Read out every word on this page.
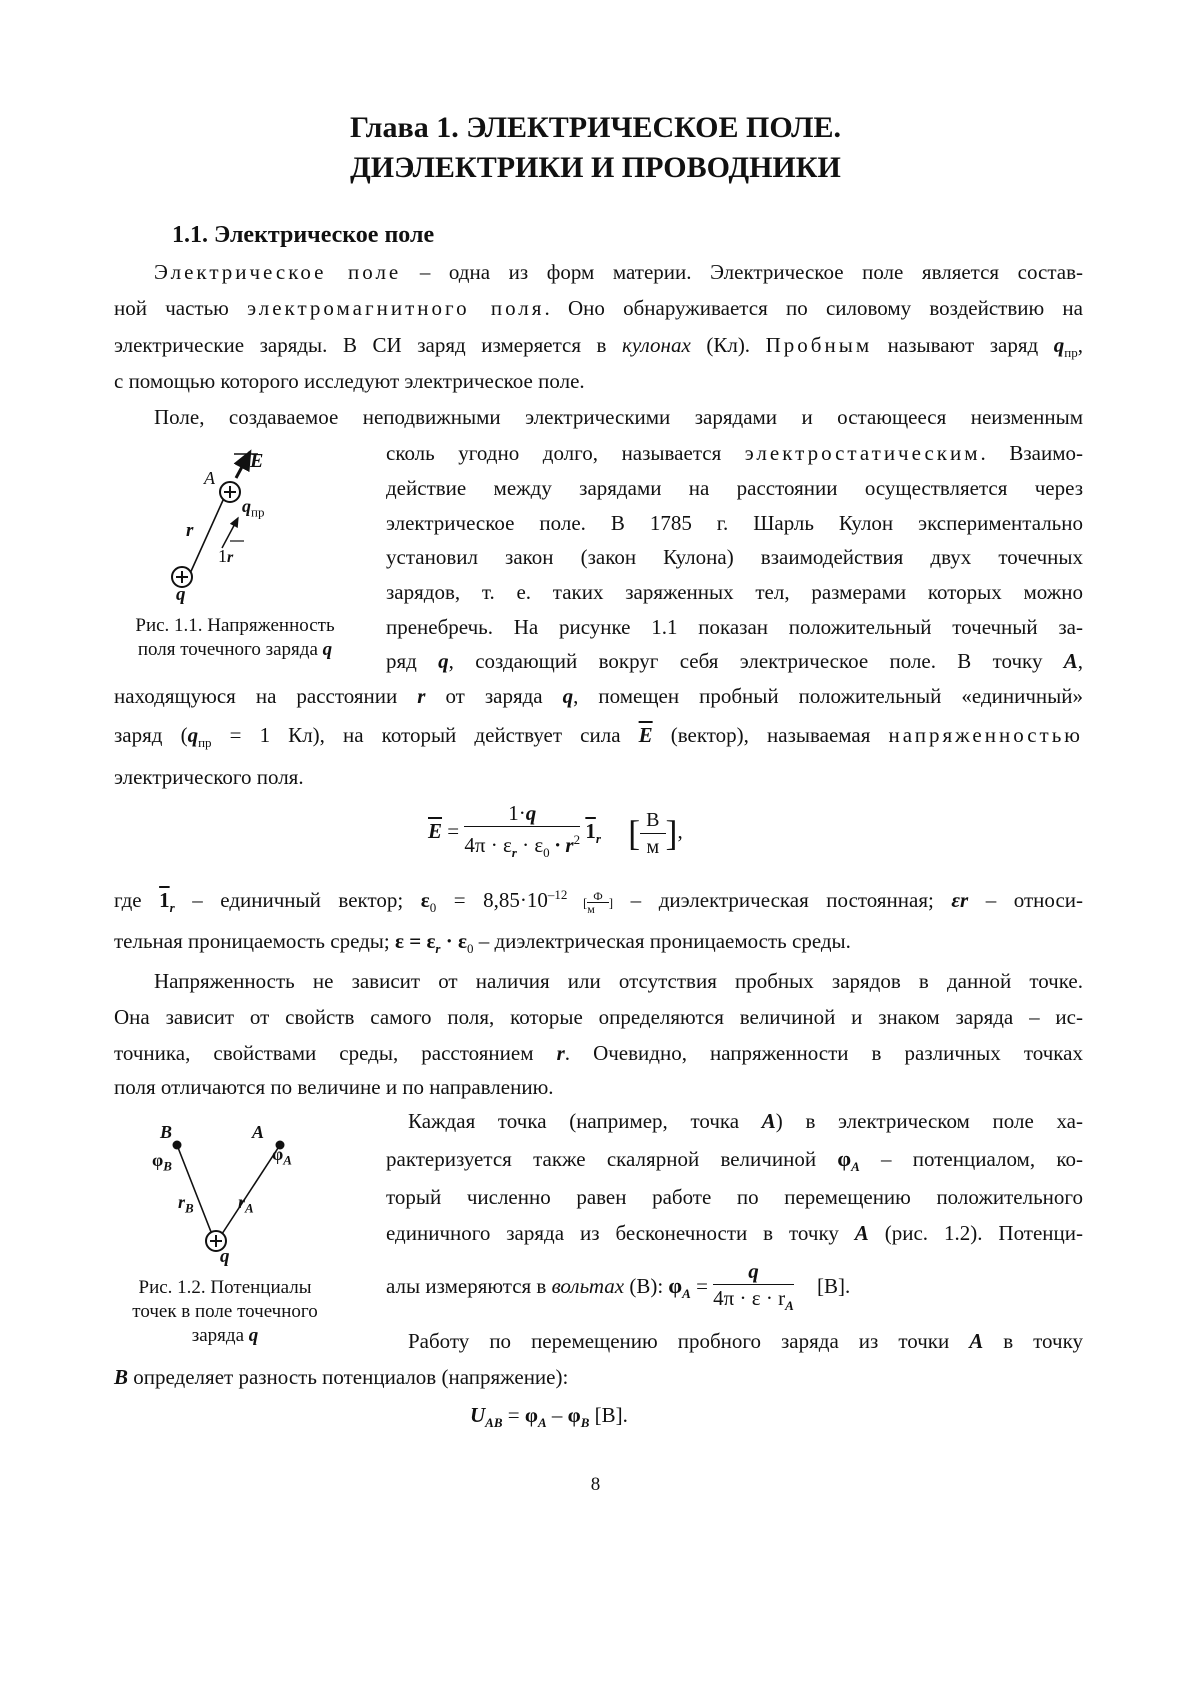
Глава 1. ЭЛЕКТРИЧЕСКОЕ ПОЛЕ.
ДИЭЛЕКТРИКИ И ПРОВОДНИКИ
1.1. Электрическое поле
Электрическое поле – одна из форм материи. Электрическое поле является состав-
ной частью электромагнитного поля. Оно обнаруживается по силовому воздействию на
электрические заряды. В СИ заряд измеряется в кулонах (Кл). Пробным называют заряд $q_{пр}$,
с помощью которого исследуют электрическое поле.
Поле, создаваемое неподвижными электрическими зарядами и остающееся неизменным
E
A
$q_{пр}$
r
1r
q
Рис. 1.1. Напряженность
поля точечного заряда q
сколь угодно долго, называется электростатическим. Взаимо-
действие между зарядами на расстоянии осуществляется через
электрическое поле. В 1785 г. Шарль Кулон экспериментально
установил закон (закон Кулона) взаимодействия двух точечных
зарядов, т. е. таких заряженных тел, размерами которых можно
пренебречь. На рисунке 1.1 показан положительный точечный за-
ряд q, создающий вокруг себя электрическое поле. В точку A,
находящуюся на расстоянии r от заряда q, помещен пробный положительный «единичный»
заряд ($q_{пр} = 1$ Кл), на который действует сила $\overline{E}$ (вектор), называемая напряженностью
электрического поля.
$\overline{E} = \frac{1\cdot q}{4\pi \cdot \varepsilon_r \cdot \varepsilon_0 \cdot r^2} 1_r$ [ $\frac{В}{м}$ ],
где $1_r$ – единичный вектор; $\varepsilon_0 = 8,85\cdot 10^{-12}$ [ $\frac{Ф}{м}$ ] – диэлектрическая постоянная; εr – относи-
тельная проницаемость среды; $\varepsilon = \varepsilon_r \cdot \varepsilon_0$ – диэлектрическая проницаемость среды.
Напряженность не зависит от наличия или отсутствия пробных зарядов в данной точке.
Она зависит от свойств самого поля, которые определяются величиной и знаком заряда – ис-
точника, свойствами среды, расстоянием r. Очевидно, напряженности в различных точках
поля отличаются по величине и по направлению.
B	A
$\varphi_B$
$\varphi_A$
$r_B$ $r_A$
q
Рис. 1.2. Потенциалы
точек в поле точечного
заряда q
Каждая точка (например, точка A) в электрическом поле ха-
рактеризуется также скалярной величиной $\varphi_A$ – потенциалом, ко-
торый численно равен работе по перемещению положительного
единичного заряда из бесконечности в точку A (рис. 1.2). Потенци-
алы измеряются в вольтах (В): $\varphi_A = \frac{q}{4\pi \cdot \varepsilon \cdot r_A} [В]$.
Работу по перемещению пробного заряда из точки A в точку
B определяет разность потенциалов (напряжение):
$U_{AB} = \varphi_A - \varphi_B$ [В].
8
